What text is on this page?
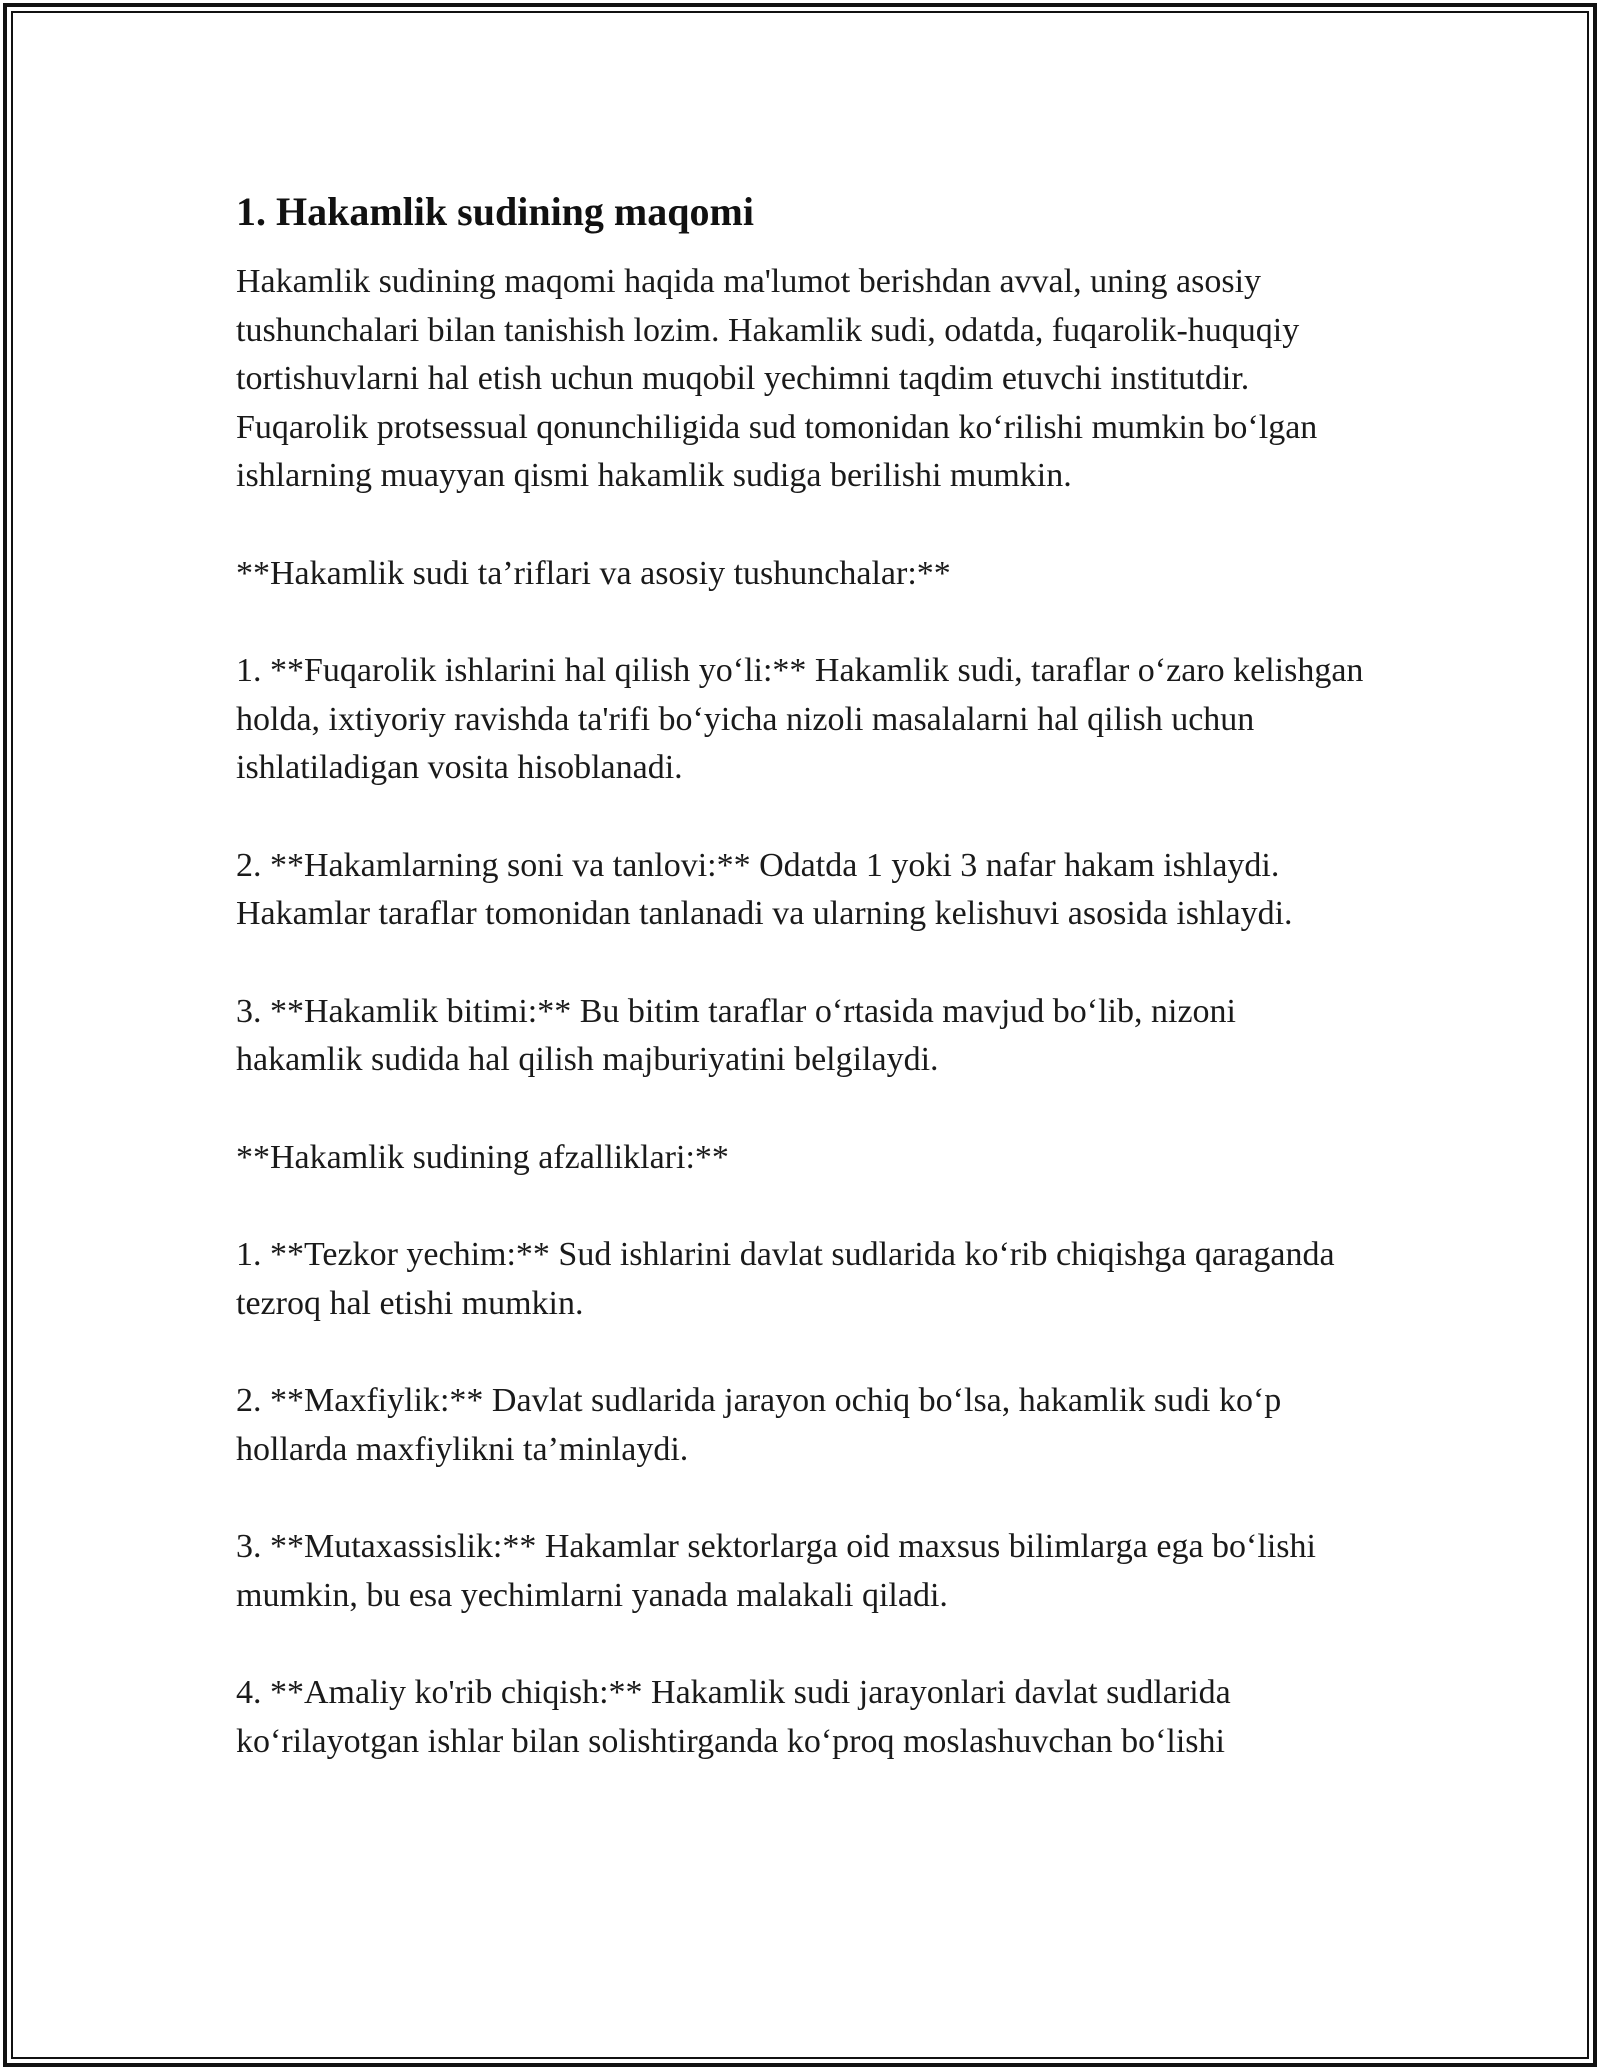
1. Hakamlik sudining maqomi

Hakamlik sudining maqomi haqida ma'lumot berishdan avval, uning asosiy tushunchalari bilan tanishish lozim. Hakamlik sudi, odatda, fuqarolik-huquqiy tortishuvlarni hal etish uchun muqobil yechimni taqdim etuvchi institutdir. Fuqarolik protsessual qonunchiligida sud tomonidan ko‘rilishi mumkin bo‘lgan ishlarning muayyan qismi hakamlik sudiga berilishi mumkin.

**Hakamlik sudi ta’riflari va asosiy tushunchalar:**

1. **Fuqarolik ishlarini hal qilish yo‘li:** Hakamlik sudi, taraflar o‘zaro kelishgan holda, ixtiyoriy ravishda ta'rifi bo‘yicha nizoli masalalarni hal qilish uchun ishlatiladigan vosita hisoblanadi.

2. **Hakamlarning soni va tanlovi:** Odatda 1 yoki 3 nafar hakam ishlaydi. Hakamlar taraflar tomonidan tanlanadi va ularning kelishuvi asosida ishlaydi.

3. **Hakamlik bitimi:** Bu bitim taraflar o‘rtasida mavjud bo‘lib, nizoni hakamlik sudida hal qilish majburiyatini belgilaydi.

**Hakamlik sudining afzalliklari:**

1. **Tezkor yechim:** Sud ishlarini davlat sudlarida ko‘rib chiqishga qaraganda tezroq hal etishi mumkin.

2. **Maxfiylik:** Davlat sudlarida jarayon ochiq bo‘lsa, hakamlik sudi ko‘p hollarda maxfiylikni ta’minlaydi.

3. **Mutaxassislik:** Hakamlar sektorlarga oid maxsus bilimlarga ega bo‘lishi mumkin, bu esa yechimlarni yanada malakali qiladi.

4. **Amaliy ko'rib chiqish:** Hakamlik sudi jarayonlari davlat sudlarida ko‘rilayotgan ishlar bilan solishtirganda ko‘proq moslashuvchan bo‘lishi
